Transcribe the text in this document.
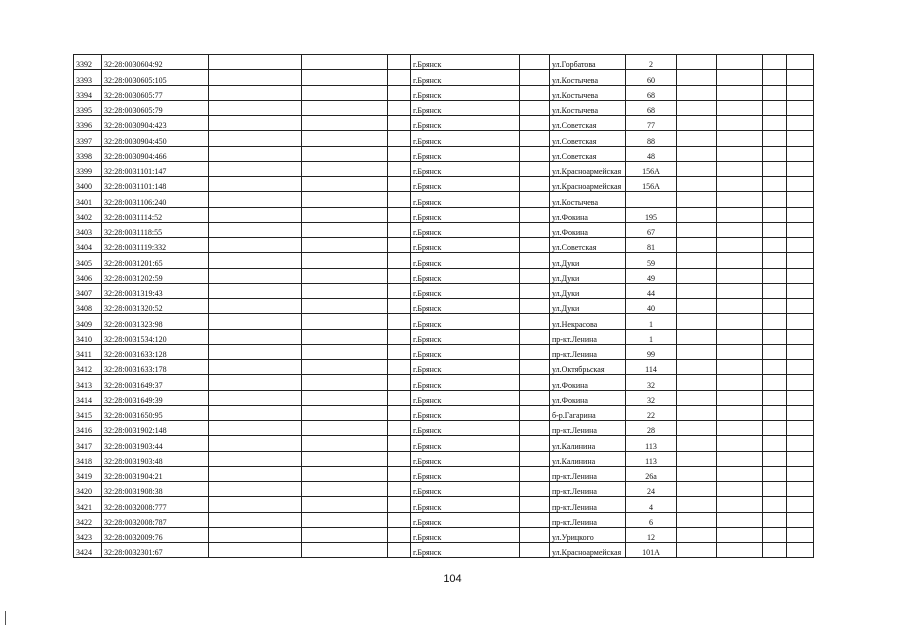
3392	32:28:0030604:92				г.Брянск		ул.Горбатова	2				
3393	32:28:0030605:105				г.Брянск		ул.Костычева	60				
3394	32:28:0030605:77				г.Брянск		ул.Костычева	68				
3395	32:28:0030605:79				г.Брянск		ул.Костычева	68				
3396	32:28:0030904:423				г.Брянск		ул.Советская	77				
3397	32:28:0030904:450				г.Брянск		ул.Советская	88				
3398	32:28:0030904:466				г.Брянск		ул.Советская	48				
3399	32:28:0031101:147				г.Брянск		ул.Красноармейская	156А				
3400	32:28:0031101:148				г.Брянск		ул.Красноармейская	156А				
3401	32:28:0031106:240				г.Брянск		ул.Костычева					
3402	32:28:0031114:52				г.Брянск		ул.Фокина	195				
3403	32:28:0031118:55				г.Брянск		ул.Фокина	67				
3404	32:28:0031119:332				г.Брянск		ул.Советская	81				
3405	32:28:0031201:65				г.Брянск		ул.Дуки	59				
3406	32:28:0031202:59				г.Брянск		ул.Дуки	49				
3407	32:28:0031319:43				г.Брянск		ул.Дуки	44				
3408	32:28:0031320:52				г.Брянск		ул.Дуки	40				
3409	32:28:0031323:98				г.Брянск		ул.Некрасова	1				
3410	32:28:0031534:120				г.Брянск		пр-кт.Ленина	1				
3411	32:28:0031633:128				г.Брянск		пр-кт.Ленина	99				
3412	32:28:0031633:178				г.Брянск		ул.Октябрьская	114				
3413	32:28:0031649:37				г.Брянск		ул.Фокина	32				
3414	32:28:0031649:39				г.Брянск		ул.Фокина	32				
3415	32:28:0031650:95				г.Брянск		б-р.Гагарина	22				
3416	32:28:0031902:148				г.Брянск		пр-кт.Ленина	28				
3417	32:28:0031903:44				г.Брянск		ул.Калинина	113				
3418	32:28:0031903:48				г.Брянск		ул.Калинина	113				
3419	32:28:0031904:21				г.Брянск		пр-кт.Ленина	26а				
3420	32:28:0031908:38				г.Брянск		пр-кт.Ленина	24				
3421	32:28:0032008:777				г.Брянск		пр-кт.Ленина	4				
3422	32:28:0032008:787				г.Брянск		пр-кт.Ленина	6				
3423	32:28:0032009:76				г.Брянск		ул.Урицкого	12				
3424	32:28:0032301:67				г.Брянск		ул.Красноармейская	101А				
104
